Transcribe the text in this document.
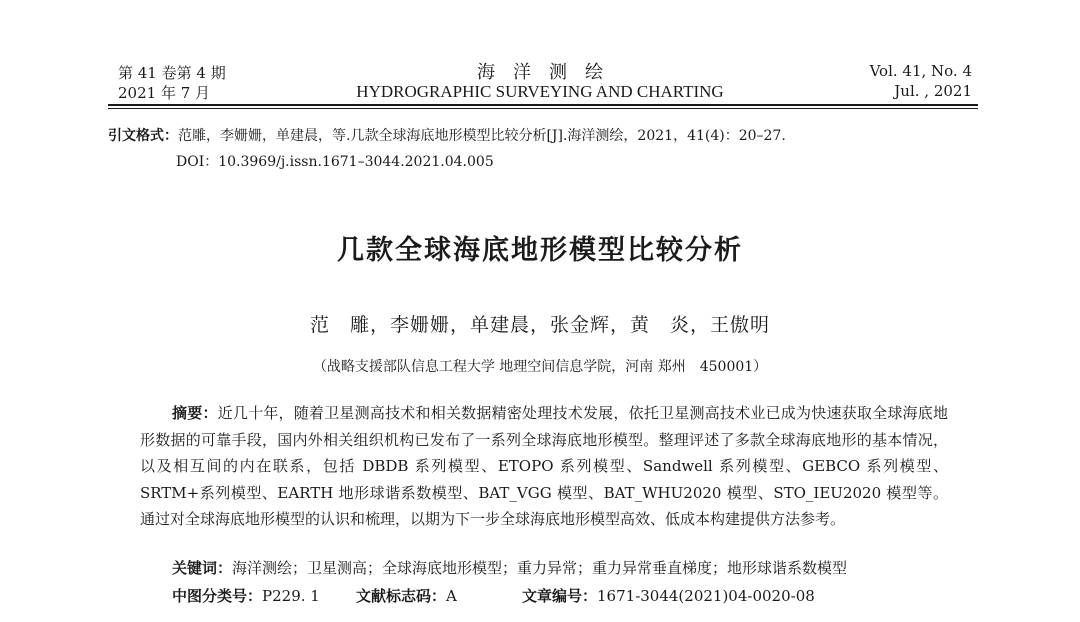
第 41 卷第 4 期
2021 年 7 月
海洋测绘
HYDROGRAPHIC SURVEYING AND CHARTING
Vol. 41, No. 4
Jul. , 2021
引文格式：范雕，李姗姗，单建晨，等.几款全球海底地形模型比较分析[J].海洋测绘，2021，41(4)：20–27.
DOI：10.3969/j.issn.1671–3044.2021.04.005
几款全球海底地形模型比较分析
范　雕，李姗姗，单建晨，张金辉，黄　炎，王傲明
（战略支援部队信息工程大学 地理空间信息学院，河南 郑州　450001）
摘要：近几十年，随着卫星测高技术和相关数据精密处理技术发展，依托卫星测高技术业已成为快速获取全球海底地形数据的可靠手段，国内外相关组织机构已发布了一系列全球海底地形模型。整理评述了多款全球海底地形的基本情况，以及相互间的内在联系，包括 DBDB 系列模型、ETOPO 系列模型、Sandwell 系列模型、GEBCO 系列模型、SRTM+系列模型、EARTH 地形球谐系数模型、BAT_VGG 模型、BAT_WHU2020 模型、STO_IEU2020 模型等。通过对全球海底地形模型的认识和梳理，以期为下一步全球海底地形模型高效、低成本构建提供方法参考。
关键词：海洋测绘；卫星测高；全球海底地形模型；重力异常；重力异常垂直梯度；地形球谐系数模型
中图分类号：P229. 1 文献标志码：A	文章编号：1671-3044(2021)04-0020-08
